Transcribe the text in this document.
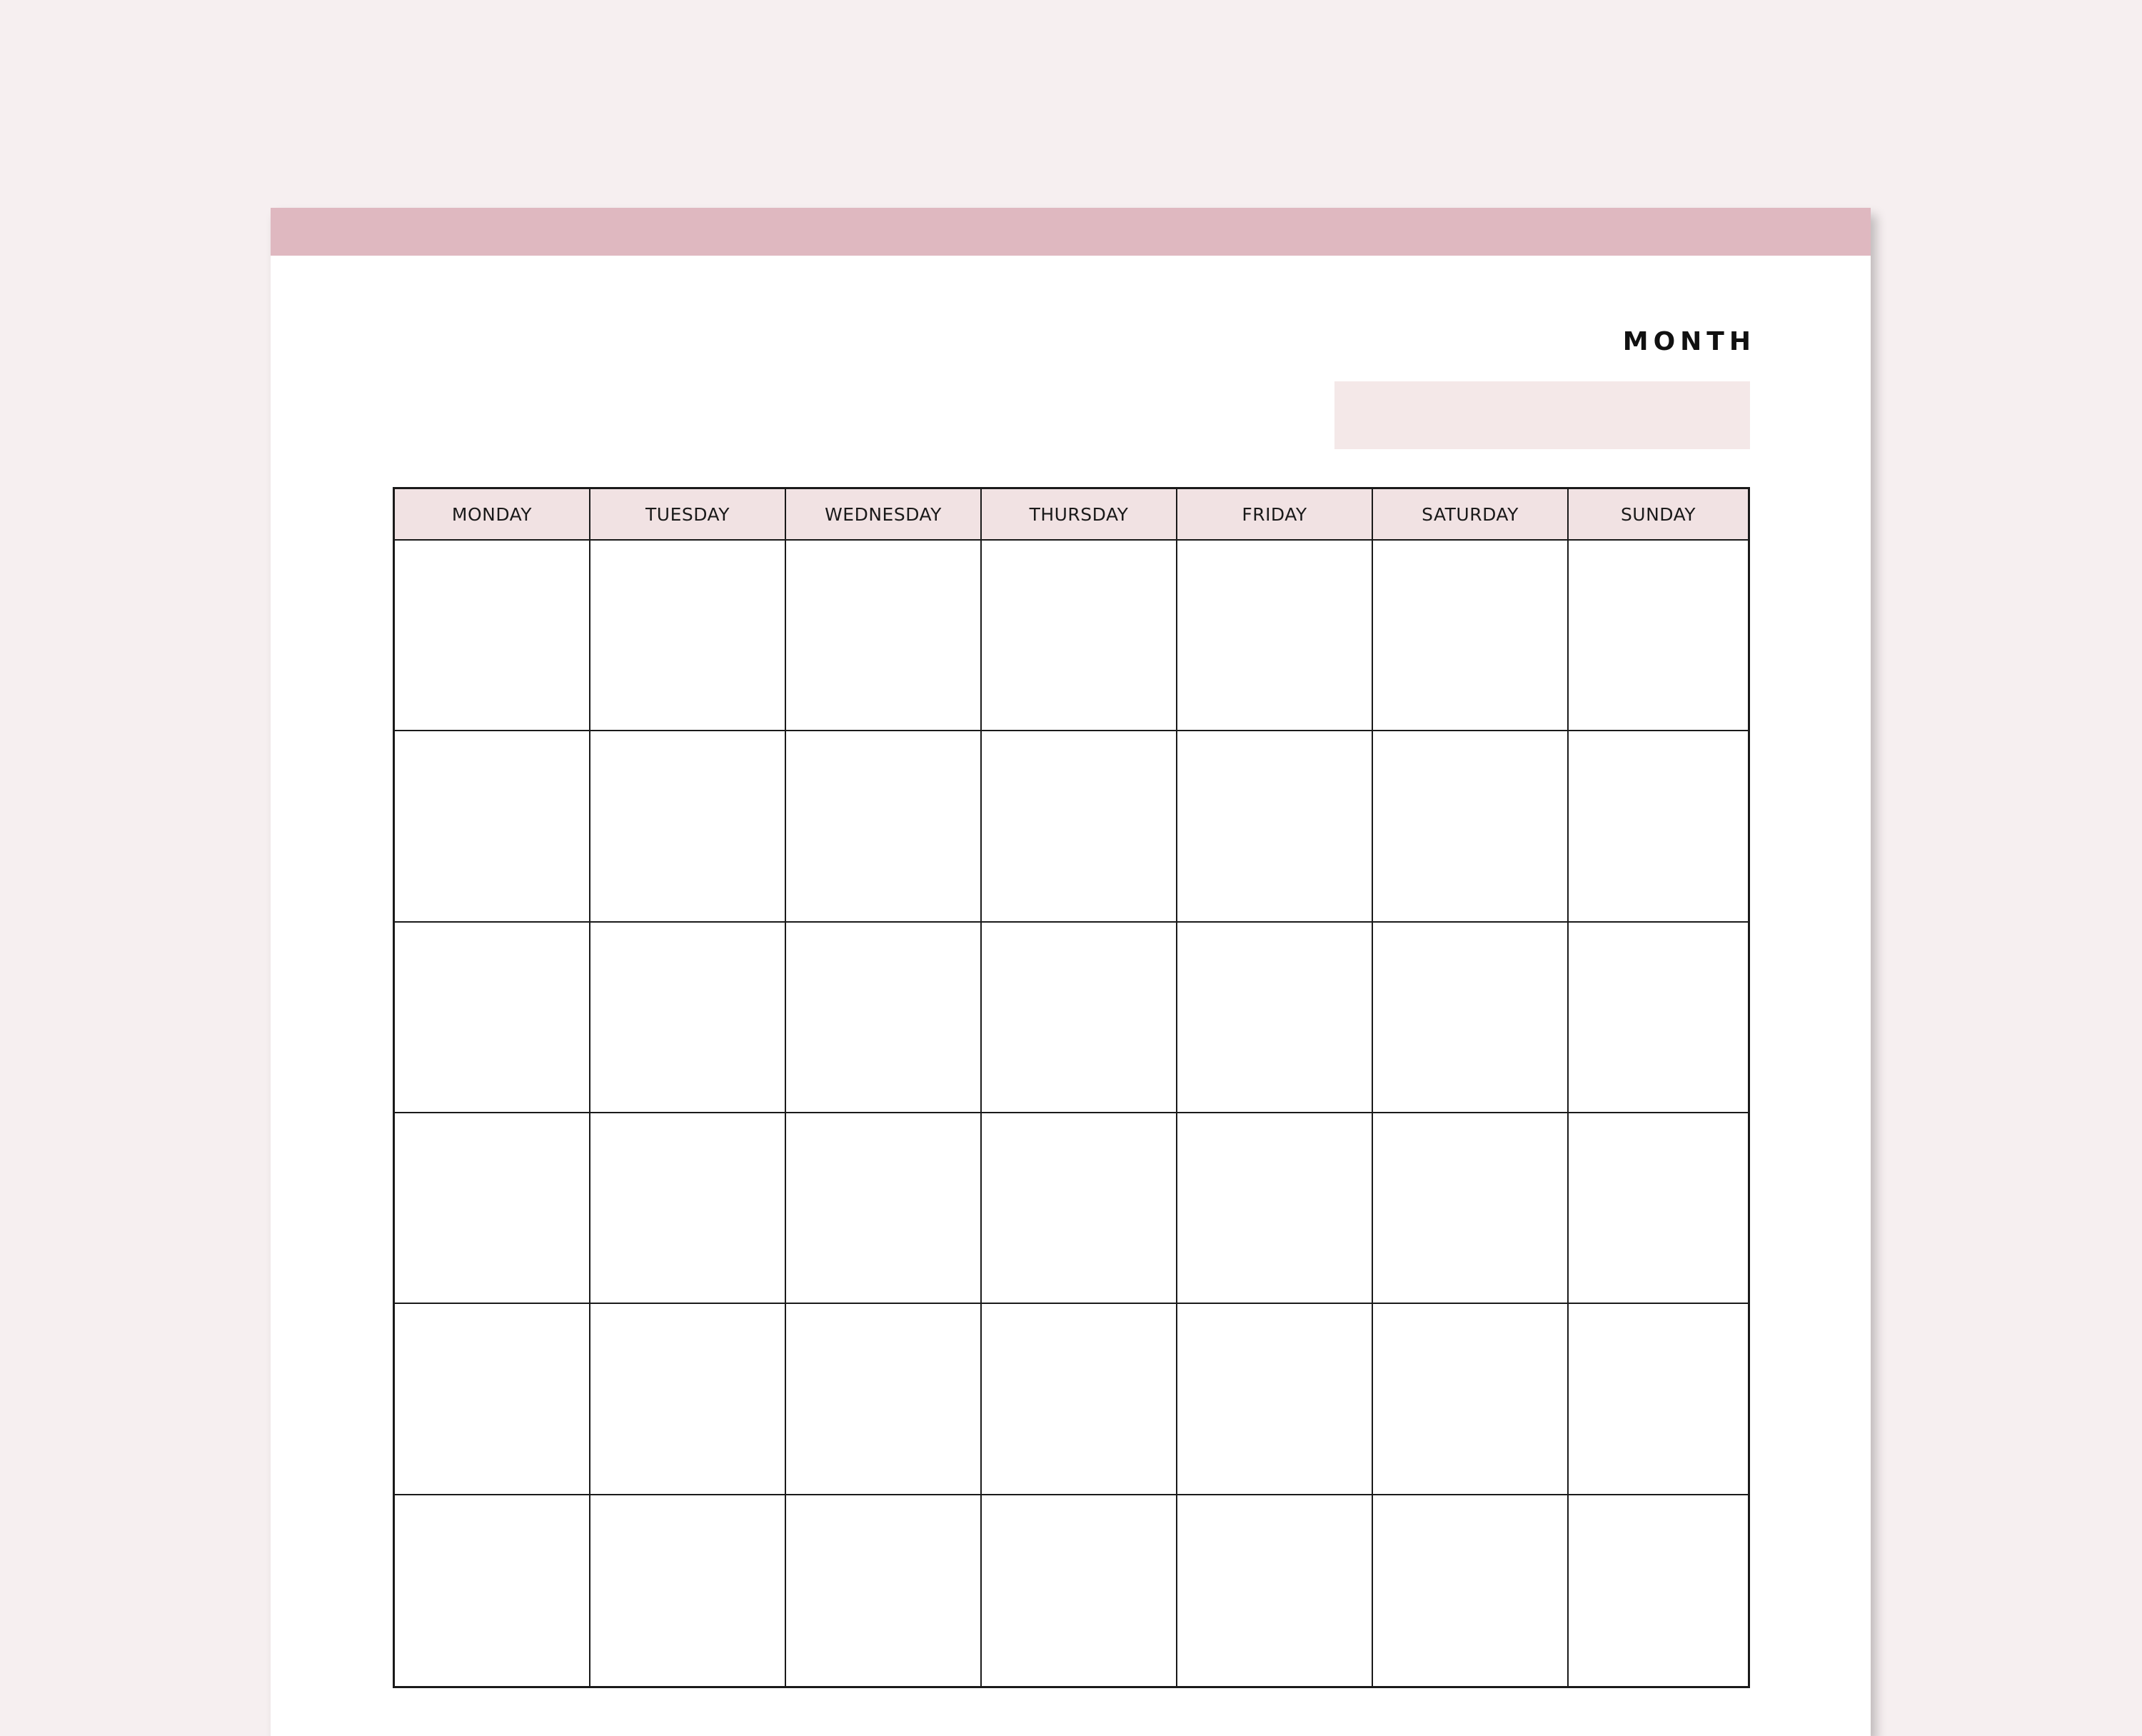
MONTH
MONDAY	TUESDAY	WEDNESDAY	THURSDAY	FRIDAY	SATURDAY	SUNDAY
